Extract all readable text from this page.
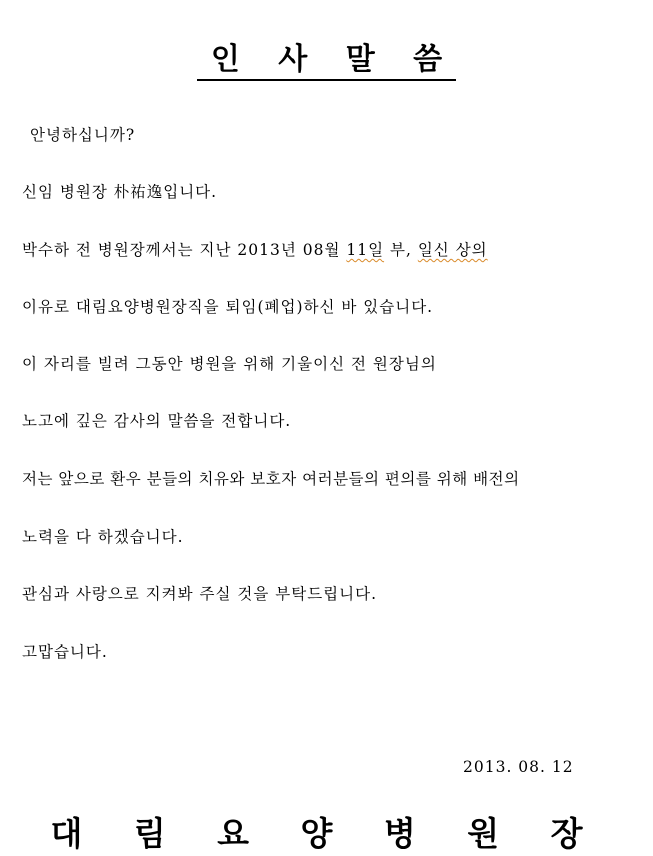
인 사 말 씀
안녕하십니까?
신임 병원장 朴祐逸입니다.
박수하 전 병원장께서는 지난 2013년 08월 11일 부, 일신 상의
이유로 대림요양병원장직을 퇴임(폐업)하신 바 있습니다.
이 자리를 빌려 그동안 병원을 위해 기울이신 전 원장님의
노고에 깊은 감사의 말씀을 전합니다.
저는 앞으로 환우 분들의 치유와 보호자 여러분들의 편의를 위해 배전의
노력을 다 하겠습니다.
관심과 사랑으로 지켜봐 주실 것을 부탁드립니다.
고맙습니다.
2013. 08. 12
대 림 요 양 병 원 장
